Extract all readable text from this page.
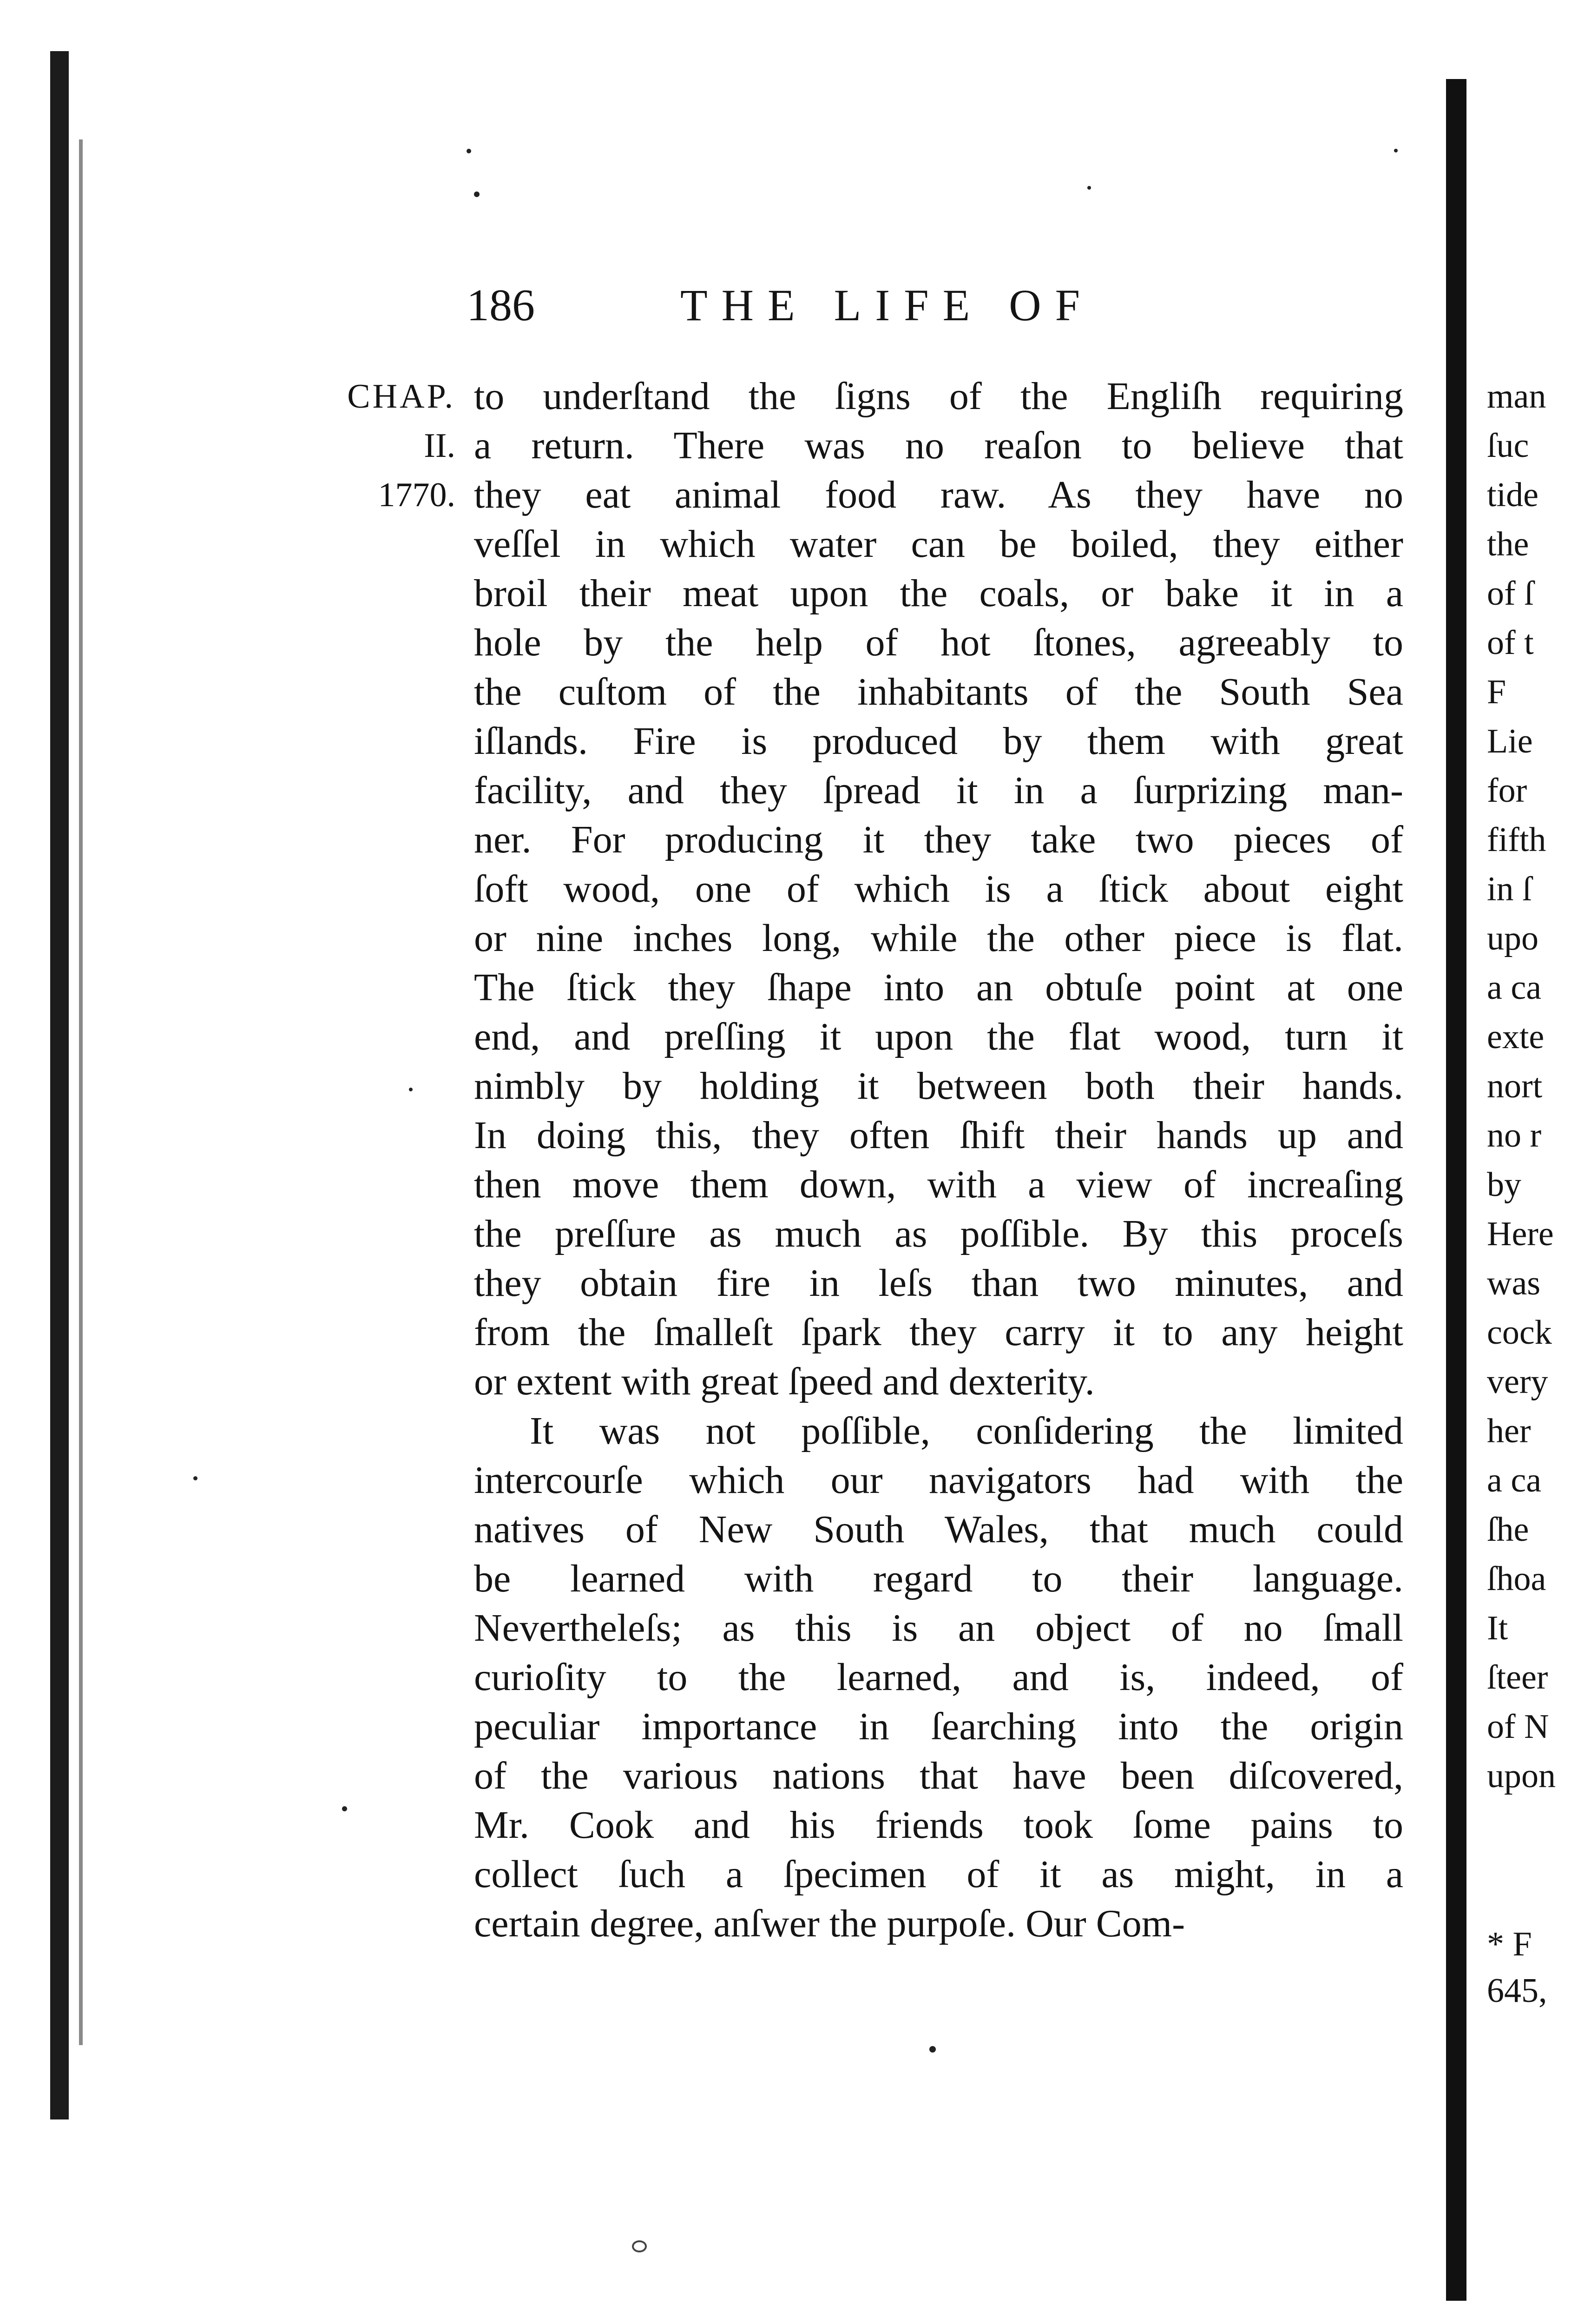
186	THE LIFE OF
CHAP.
II.
1770.
to underſtand the ſigns of the Engliſh requiring
a return. There was no reaſon to believe that
they eat animal food raw. As they have no
veſſel in which water can be boiled, they either
broil their meat upon the coals, or bake it in a
hole by the help of hot ſtones, agreeably to
the cuſtom of the inhabitants of the South Sea
iſlands. Fire is produced by them with great
facility, and they ſpread it in a ſurprizing man-
ner. For producing it they take two pieces of
ſoft wood, one of which is a ſtick about eight
or nine inches long, while the other piece is flat.
The ſtick they ſhape into an obtuſe point at one
end, and preſſing it upon the flat wood, turn it
nimbly by holding it between both their hands.
In doing this, they often ſhift their hands up and
then move them down, with a view of increaſing
the preſſure as much as poſſible. By this proceſs
they obtain fire in leſs than two minutes, and
from the ſmalleſt ſpark they carry it to any height
or extent with great ſpeed and dexterity.
It was not poſſible, conſidering the limited
intercourſe which our navigators had with the
natives of New South Wales, that much could
be learned with regard to their language.
Nevertheleſs; as this is an object of no ſmall
curioſity to the learned, and is, indeed, of
peculiar importance in ſearching into the origin
of the various nations that have been diſcovered,
Mr. Cook and his friends took ſome pains to
collect ſuch a ſpecimen of it as might, in a
certain degree, anſwer the purpoſe. Our Com-
man
ſuc
tide
the
of ſ
of t
F
Lie
for
fifth
in ſ
upo
a ca
exte
nort
no r
by
Here
was
cock
very
her
a ca
ſhe
ſhoa
It
ſteer
of N
upon
* F
645,
